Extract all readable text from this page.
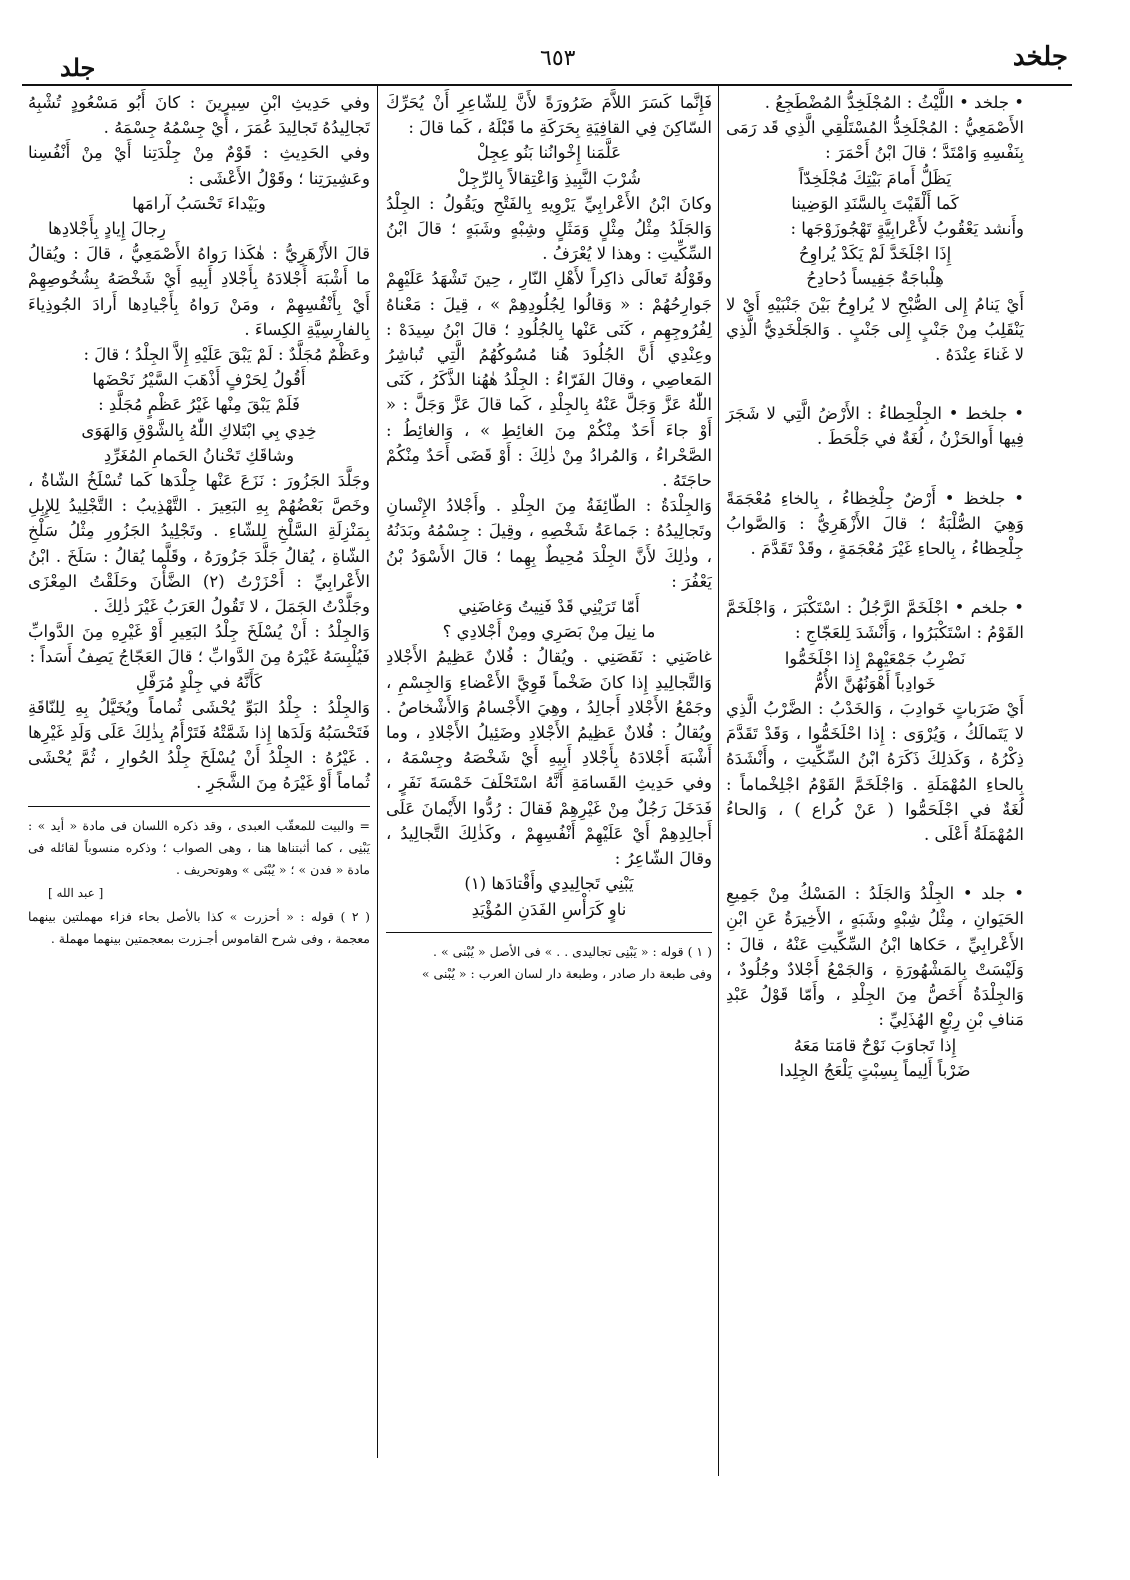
جلخد
٦٥٣
جلد

• جلخد • اللَّيْثُ : المُجْلَخِدُّ المُضْطَجِعُ .

الأَصْمَعِيُّ : المُجْلَخِدُّ المُسْتَلْقِي الَّذِي قَد رَمَى بِنَفْسِهِ وَامْتَدَّ ؛ قالَ ابْنُ أَحْمَرَ :

يَظَلُّ أَمامَ بَيْتِكَ مُجْلَخِدّاً

كَما أَلْقَيْتَ بِالسَّنَدِ الوَضِينا

وأَنشد يَعْقُوبُ لأَعْرابِيَّةٍ تَهْجُوزَوْجَها :

إِذَا اجْلَخَدَّ لَمْ يَكَدْ يُراوِحُ

هِلْباجَةٌ جَفِيساً دُحادِحُ

أَيْ يَنامُ إِلى الصُّبْحِ لا يُراوِحُ بَيْنَ جَنْبَيْهِ أَيْ لا يَنْقَلِبُ مِنْ جَنْبٍ إِلى جَنْبٍ . وَالجَلْخَدِيُّ الَّذِي لا غَناءَ عِنْدَهُ .

• جلخط • الجِلْحِطاءُ : الأَرْضُ الَّتِي لا شَجَرَ فِيها أَوالحَزْنُ ، لُغَةٌ في جَلْحَطَ .

• جلخظ • أَرْضٌ جِلْخِظاءُ ، بِالخاءِ مُعْجَمَةً وَهِيَ الصُّلْبَةُ ؛ قالَ الأَزْهَرِيُّ : وَالصَّوابُ جِلْحِظاءُ ، بِالحاءِ غَيْرَ مُعْجَمَةٍ ، وقَدْ تَقَدَّمَ .

• جلخم • اجْلَخَمَّ الرَّجُلُ : اسْتَكْبَرَ ، وَاجْلَخَمَّ القَوْمُ : اسْتَكْبَرُوا ، وَأَنْشَدَ لِلعَجّاجِ :

نَضْرِبُ جَمْعَيْهِمْ إِذا اجْلَخَمُّوا

خَوادِباً أَهْوَنُهُنَّ الأُمُّ

أَيْ ضَرَباتٍ خَوادِبَ ، وَالخَدْبُ : الضَّرْبُ الَّذِي لا يَتَمالَكُ ، وَيُرْوَى : إِذا احْلَخَمُّوا ، وَقَدْ تَقَدَّمَ ذِكْرُهُ ، وَكَذلِكَ ذَكَرَهُ ابْنُ السِّكِّيتِ ، وأَنْشَدَهُ بِالحاءِ المُهْمَلَةِ . وَاجْلَخَمَّ القَوْمُ اجْلِخْماماً : لُغَةٌ في اجْلَحَمُّوا ( عَنْ كُراع ) ، وَالحاءُ المُهْمَلَةُ أَعْلَى .

• جلد • الجِلْدُ وَالجَلَدُ : المَسْكُ مِنْ جَمِيعِ الحَيَوانِ ، مِثْلُ شِبْهٍ وشَبَهٍ ، الأَخِيرَةُ عَنِ ابْنِ الأَعْرابِيِّ ، حَكاها ابْنُ السِّكِّيتِ عَنْهُ ، قالَ : وَلَيْسَتْ بِالمَشْهُورَةِ ، وَالجَمْعُ أَجْلادٌ وجُلُودٌ ، وَالجِلْدَةُ أَخَصُّ مِنَ الجِلْدِ ، وأَمّا قَوْلُ عَبْدِ مَنافِ بْنِ رِبْعٍ الهُذَلِيِّ :

إِذا تَجاوَبَ نَوْحٌ قامَتا مَعَهُ

ضَرْباً أَلِيماً بِسِبْتٍ يَلْعَجُ الجِلِدا

فَإِنَّما كَسَرَ اللاَّمَ ضَرُورَةً لأَنَّ لِلشّاعِرِ أَنْ يُحَرِّكَ السّاكِنَ فِي القافِيَةِ بِحَرَكَةِ ما قَبْلَهُ ، كَما قالَ :

عَلَّمَنا إِخْوانُنا بَنُو عِجِلْ

شُرْبَ النَّبِيذِ وَاعْتِقالاً بِالرِّجِلْ

وكانَ ابْنُ الأَعْرابِيِّ يَرْوِيهِ بِالفَتْحِ ويَقُولُ : الجِلْدُ وَالجَلَدُ مِثْلُ مِثْلٍ وَمَثَلٍ وشِبْهٍ وشَبَهٍ ؛ قالَ ابْنُ السِّكِّيتِ : وهذا لا يُعْرَفُ .

وقَوْلُهُ تَعالَى ذاكِراً لأَهْلِ النّارِ ، حِينَ تَشْهَدُ عَلَيْهِمْ جَوارِحُهُمْ : « وَقالُوا لِجُلُودِهِمْ » ، قِيلَ : مَعْناهُ لِفُرُوجِهِم ، كَنَى عَنْها بِالجُلُودِ ؛ قالَ ابْنُ سِيدَهْ : وعِنْدِي أَنَّ الجُلُودَ هُنا مُسُوكُهُمُ الَّتِي تُباشِرُ المَعاصِي ، وقالَ الفَرّاءُ : الجِلْدُ هٰهُنا الذَّكَرُ ، كَنَى اللّٰهُ عَزَّ وَجَلَّ عَنْهُ بِالجِلْدِ ، كَما قالَ عَزَّ وَجَلَّ : « أَوْ جاءَ أَحَدٌ مِنْكُمْ مِنَ الغائِطِ » ، وَالغائِطُ : الصَّحْراءُ ، وَالمُرادُ مِنْ ذٰلِكَ : أَوْ قَضَى أَحَدٌ مِنْكُمْ حاجَتَهُ .

وَالجِلْدَةُ : الطّائِفَةُ مِنَ الجِلْدِ . وأَجْلادُ الإِنْسانِ وتَجالِيدُهُ : جَماعَةُ شَخْصِهِ ، وقِيلَ : جِسْمُهُ وبَدَنُهُ ، وذٰلِكَ لأَنَّ الجِلْدَ مُحِيطٌ بِهِما ؛ قالَ الأَسْوَدُ بْنُ يَعْفُرَ :

أَمّا تَرَيْنِي قَدْ فَنِيتُ وَغاضَنِي

ما نِيلَ مِنْ بَصَرِي ومِنْ أَجْلادِي ؟

غاضَنِي : نَقَصَنِي . ويُقالُ : فُلانٌ عَظِيمُ الأَجْلادِ وَالتَّجالِيدِ إِذا كانَ ضَخْماً قَوِيَّ الأَعْضاءِ وَالجِسْمِ ، وجَمْعُ الأَجْلادِ أَجالِدُ ، وهِيَ الأَجْسامُ وَالأَشْخاصُ . ويُقالُ : فُلانٌ عَظِيمُ الأَجْلادِ وضَئِيلُ الأَجْلادِ ، وما أَشْبَهَ أَجْلادَهُ بِأَجْلادِ أَبِيهِ أَيْ شَخْصَهُ وجِسْمَهُ ، وفي حَدِيثِ القَسامَةِ أَنَّهُ اسْتَحْلَفَ خَمْسَةَ نَفَرٍ ، فَدَخَلَ رَجُلٌ مِنْ غَيْرِهِمْ فَقالَ : رُدُّوا الأَيْمانَ عَلَى أَجالِدِهِمْ أَيْ عَلَيْهِمْ أَنْفُسِهِمْ ، وكَذٰلِكَ التَّجالِيدُ ، وقالَ الشّاعِرُ :

يَبْنِي تَجالِيدِي وأَقْتادَها (١)

ناوٍ كَرَأْسِ الفَدَنِ المُؤْيَدِ

( ١ ) قوله : « يَبْنِى تجاليدى . . » فى الأصل « يُبْنى » .

وفى طبعة دار صادر ، وطبعة دار لسان العرب : « يُبْنى »

وفي حَدِيثِ ابْنِ سِيرِينَ : كانَ أَبُو مَسْعُودٍ تُشْبِهُ تَجالِيدُهُ تَجالِيدَ عُمَرَ ، أَيْ جِسْمُهُ جِسْمَهُ .

وفي الحَدِيثِ : قَوْمٌ مِنْ جِلْدَتِنا أَيْ مِنْ أَنْفُسِنا وعَشِيرَتِنا ؛ وقَوْلُ الأَعْشَى :

وبَيْداءَ تَحْسَبُ آرامَها

رِجالَ إِيادٍ بِأَجْلادِها

قالَ الأَزْهَرِيُّ : هٰكَذا رَواهُ الأَصْمَعِيُّ ، قالَ : ويُقالُ ما أَشْبَهَ أَجْلادَهُ بِأَجْلادِ أَبِيهِ أَيْ شَخْصَهُ بِشُخُوصِهِمْ أَيْ بِأَنْفُسِهِمْ ، ومَنْ رَواهُ بِأَجْيادِها أَرادَ الجُوذِياءَ بِالفارِسِيَّةِ الكِساءَ .

وعَظْمٌ مُجَلَّدٌ : لَمْ يَبْقَ عَلَيْهِ إِلاَّ الجِلْدُ ؛ قالَ :

أَقُولُ لِحَرْفٍ أَذْهَبَ السَّيْرُ نَحْضَها

فَلَمْ يَبْقَ مِنْها غَيْرُ عَظْمٍ مُجَلَّدِ :

خِدِي بِي ابْتَلاكِ اللّٰهُ بِالشَّوْقِ وَالهَوَى

وشاقَكِ تَحْنانُ الحَمامِ المُغَرِّدِ

وجَلَّدَ الجَزُورَ : نَزَعَ عَنْها جِلْدَها كَما تُسْلَخُ الشّاةُ ، وخَصَّ بَعْضُهُمْ بِهِ البَعِيرَ . التَّهْذِيبُ : التَّجْلِيدُ لِلإِبِلِ بِمَنْزِلَةِ السَّلْخِ لِلشّاءِ . وتَجْلِيدُ الجَزُورِ مِثْلُ سَلْخِ الشّاةِ ، يُقالُ جَلَّدَ جَزُورَهُ ، وقَلَّما يُقالُ : سَلَخَ . ابْنُ الأَعْرابِيِّ : أَحْزَرْتُ (٢) الضَّأْنَ وحَلَقْتُ المِعْزَى وجَلَّدْتُ الجَمَلَ ، لا تَقُولُ العَرَبُ غَيْرَ ذٰلِكَ .

وَالجِلْدُ : أَنْ يُسْلَخَ جِلْدُ البَعِيرِ أَوْ غَيْرِهِ مِنَ الدَّوابِّ فَيُلْبِسَهُ غَيْرَهُ مِنَ الدَّوابِّ ؛ قالَ العَجّاجُ يَصِفُ أَسَداً :

كَأَنَّهُ في جِلْدٍ مُرَفَّلِ

وَالجِلْدُ : جِلْدُ البَوِّ يُحْشَى ثُماماً ويُخَيَّلُ بِهِ لِلنّاقَةِ فَتَحْسَبُهُ وَلَدَها إِذا شَمَّتْهُ فَتَرْأَمُ بِذٰلِكَ عَلَى وَلَدِ غَيْرِها . غَيْرُهُ : الجِلْدُ أَنْ يُسْلَخَ جِلْدُ الحُوارِ ، ثُمَّ يُحْشَى ثُماماً أَوْ غَيْرَهُ مِنَ الشَّجَرِ .

= والبيت للمعقّب العبدى ، وقد ذكره اللسان فى مادة « أيد » : يَبْنِى ، كما أثبتناها هنا ، وهى الصواب ؛ وذكره منسوباً لقائله فى مادة « فدن » ؛ « يُبْنَى » وهوتحريف .

[ عبد الله ]

( ٢ ) قوله : « أحزرت » كذا بالأصل بحاء فزاء مهملتين بينهما معجمة ، وفى شرح القاموس أجـزرت بمعجمتين بينهما مهملة .
